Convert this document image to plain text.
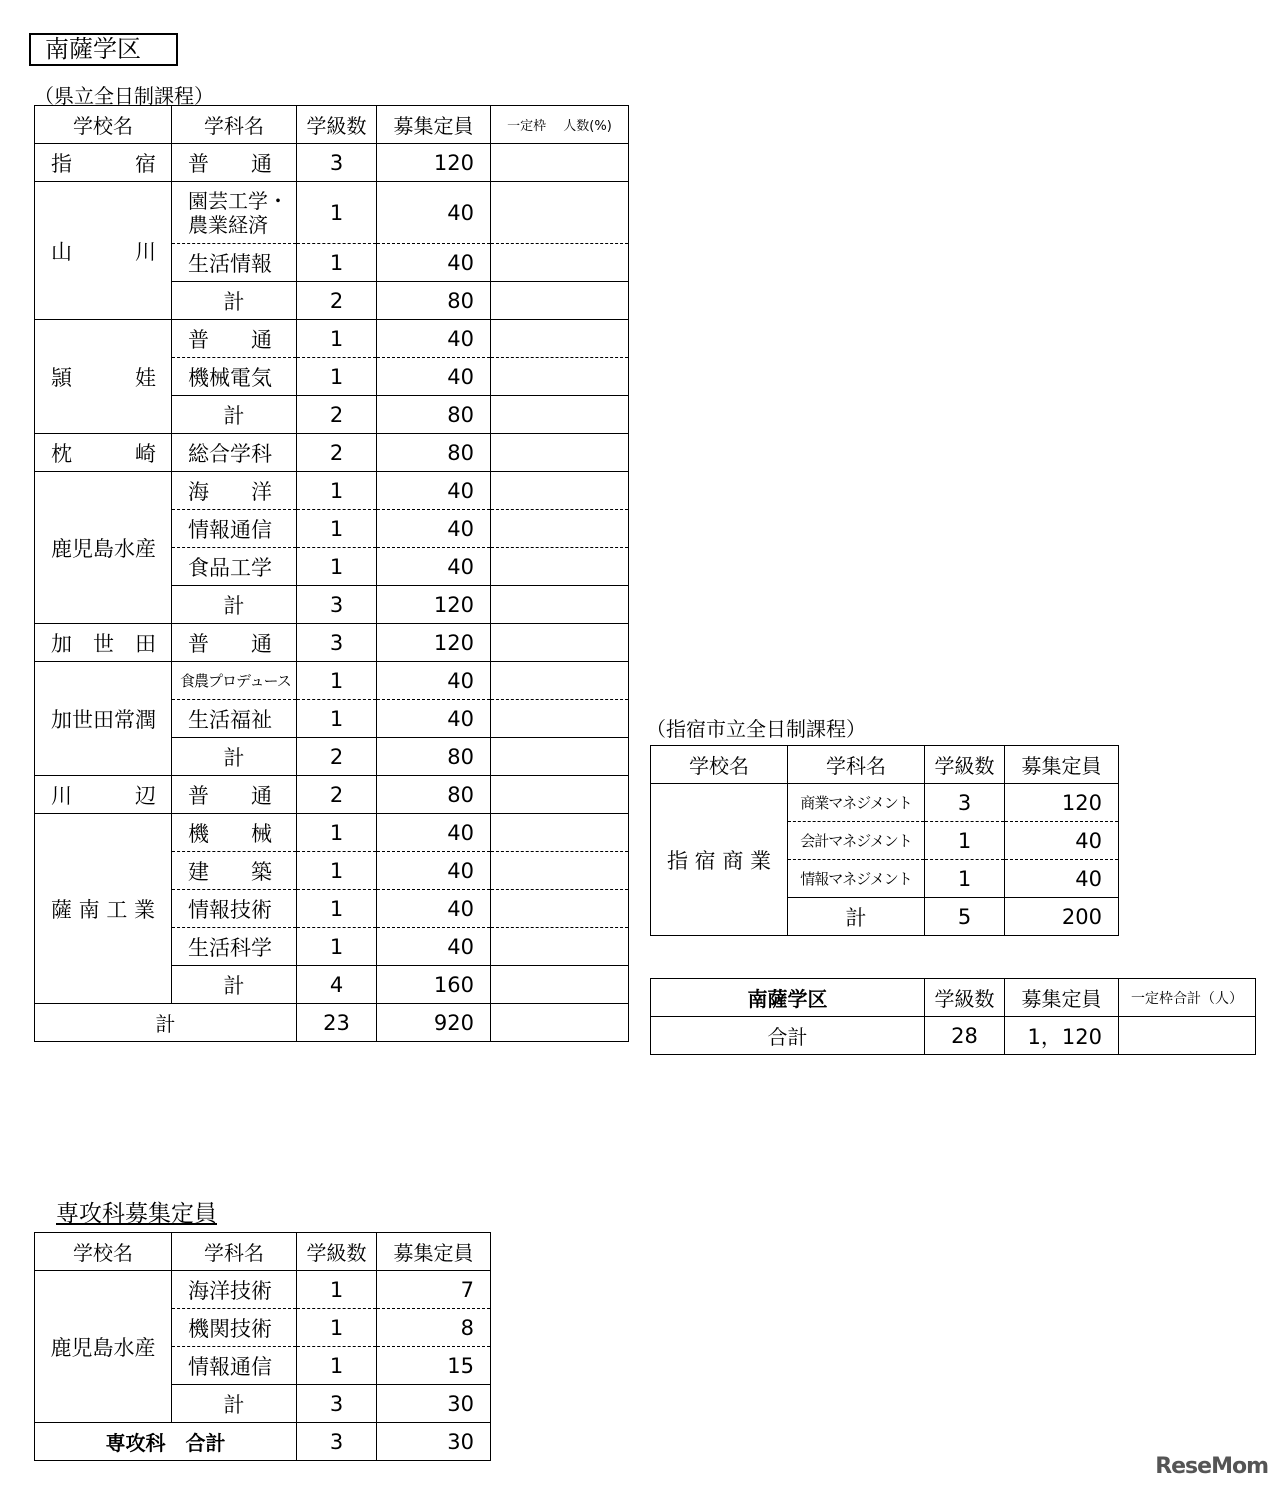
南薩学区
（県立全日制課程）
学校名	学科名	学級数	募集定員	一定枠　 人数(%)
指　　　宿	普　　通	3	120	
山　　　川	園芸工学・
農業経済	1	40	
	生活情報	1	40	
	計	2	80	
頴　　　娃	普　　通	1	40	
	機械電気	1	40	
	計	2	80	
枕　　　崎	総合学科	2	80	
鹿児島水産	海　　洋	1	40	
	情報通信	1	40	
	食品工学	1	40	
	計	3	120	
加　世　田	普　　通	3	120	
加世田常潤	食農プロデュース	1	40	
	生活福祉	1	40	
	計	2	80	
川　　　辺	普　　通	2	80	
薩 南 工 業	機　　械	1	40	
	建　　築	1	40	
	情報技術	1	40	
	生活科学	1	40	
	計	4	160	
計		23	920	
（指宿市立全日制課程）
学校名	学科名	学級数	募集定員
指 宿 商 業	商業マネジメント	3	120
	会計マネジメント	1	40
	情報マネジメント	1	40
	計	5	200
南薩学区	学級数	募集定員	一定枠合計（人）
合計	28	1，120	
専攻科募集定員
学校名	学科名	学級数	募集定員
鹿児島水産	海洋技術	1	7
	機関技術	1	8
	情報通信	1	15
	計	3	30
専攻科　合計		3	30
ReseMom
